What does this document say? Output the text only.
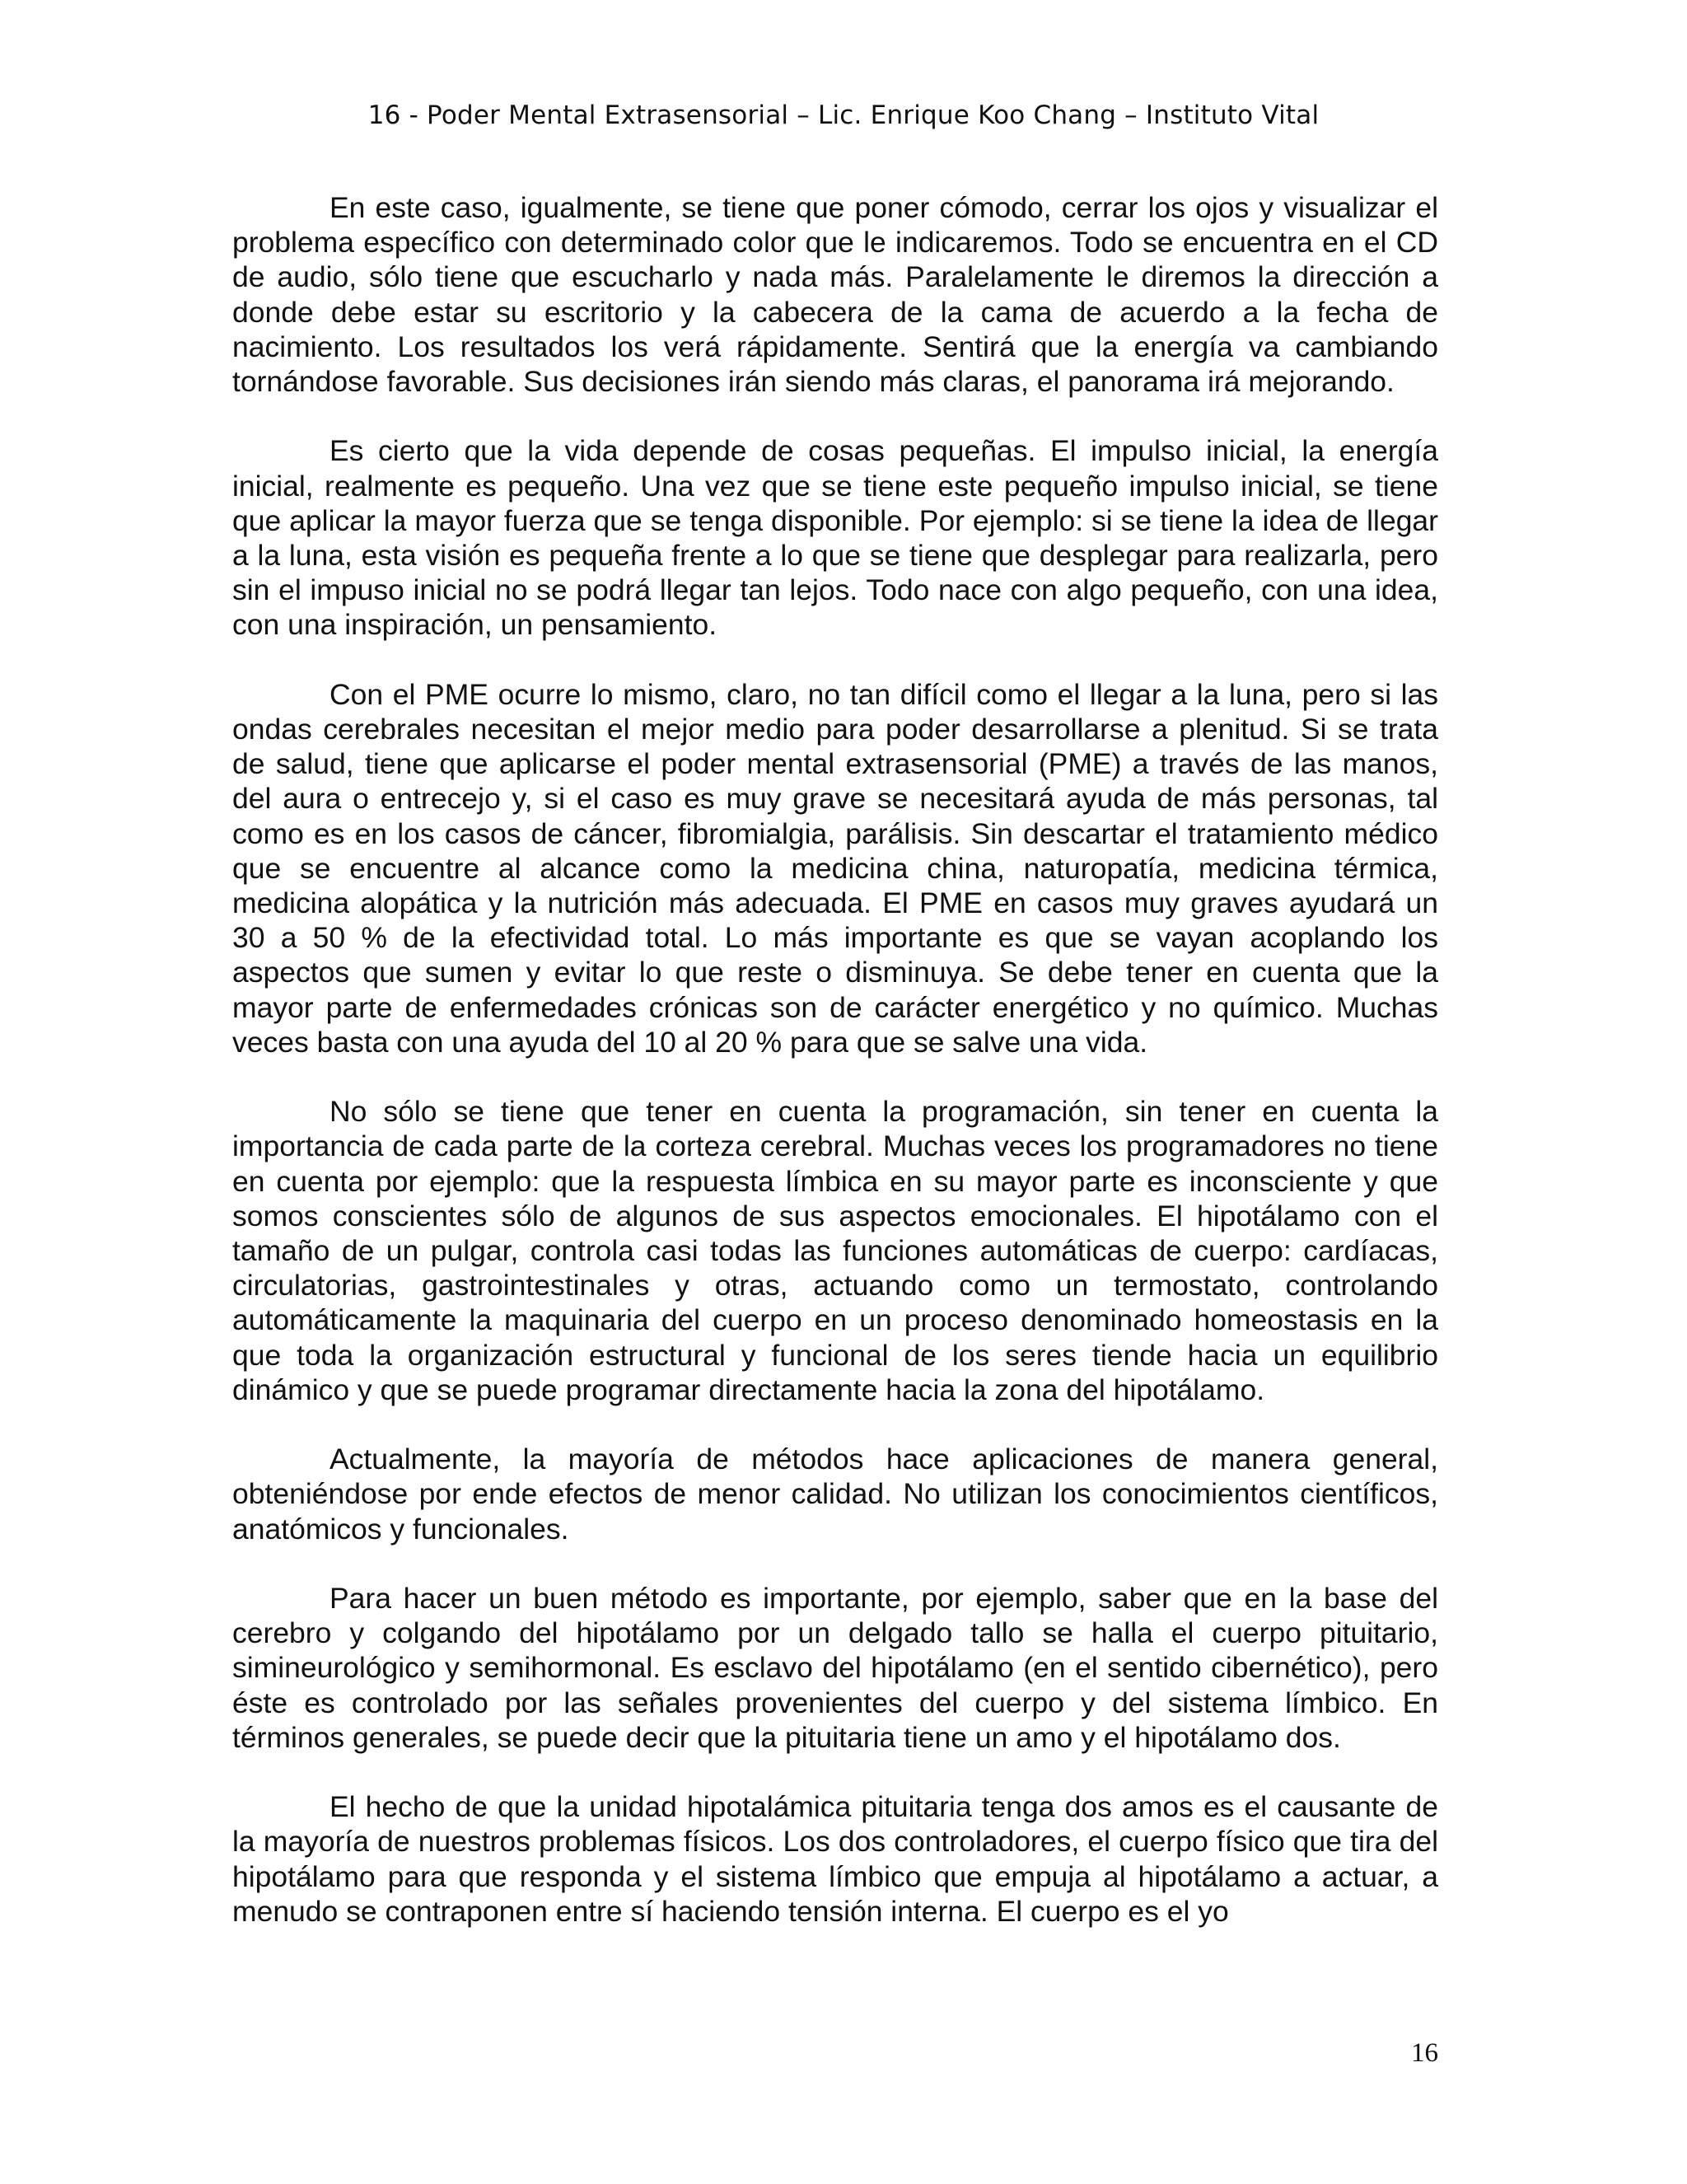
16 - Poder Mental Extrasensorial – Lic. Enrique Koo Chang – Instituto Vital

En este caso, igualmente, se tiene que poner cómodo, cerrar los ojos y visualizar el problema específico con determinado color que le indicaremos. Todo se encuentra en el CD de audio, sólo tiene que escucharlo y nada más. Paralelamente le diremos la dirección a donde debe estar su escritorio y la cabecera de la cama de acuerdo a la fecha de nacimiento. Los resultados los verá rápidamente. Sentirá que la energía va cambiando tornándose favorable. Sus decisiones irán siendo más claras, el panorama irá mejorando.

Es cierto que la vida depende de cosas pequeñas. El impulso inicial, la energía inicial, realmente es pequeño. Una vez que se tiene este pequeño impulso inicial, se tiene que aplicar la mayor fuerza que se tenga disponible. Por ejemplo: si se tiene la idea de llegar a la luna, esta visión es pequeña frente a lo que se tiene que desplegar para realizarla, pero sin el impuso inicial no se podrá llegar tan lejos. Todo nace con algo pequeño, con una idea, con una inspiración, un pensamiento.

Con el PME ocurre lo mismo, claro, no tan difícil como el llegar a la luna, pero si las ondas cerebrales necesitan el mejor medio para poder desarrollarse a plenitud. Si se trata de salud, tiene que aplicarse el poder mental extrasensorial (PME) a través de las manos, del aura o entrecejo y, si el caso es muy grave se necesitará ayuda de más personas, tal como es en los casos de cáncer, fibromialgia, parálisis. Sin descartar el tratamiento médico que se encuentre al alcance como la medicina china, naturopatía, medicina térmica, medicina alopática y la nutrición más adecuada. El PME en casos muy graves ayudará un 30 a 50 % de la efectividad total. Lo más importante es que se vayan acoplando los aspectos que sumen y evitar lo que reste o disminuya. Se debe tener en cuenta que la mayor parte de enfermedades crónicas son de carácter energético y no químico. Muchas veces basta con una ayuda del 10 al 20 % para que se salve una vida.

No sólo se tiene que tener en cuenta la programación, sin tener en cuenta la importancia de cada parte de la corteza cerebral. Muchas veces los programadores no tiene en cuenta por ejemplo: que la respuesta límbica en su mayor parte es inconsciente y que somos conscientes sólo de algunos de sus aspectos emocionales. El hipotálamo con el tamaño de un pulgar, controla casi todas las funciones automáticas de cuerpo: cardíacas, circulatorias, gastrointestinales y otras, actuando como un termostato, controlando automáticamente la maquinaria del cuerpo en un proceso denominado homeostasis en la que toda la organización estructural y funcional de los seres tiende hacia un equilibrio dinámico y que se puede programar directamente hacia la zona del hipotálamo.

Actualmente, la mayoría de métodos hace aplicaciones de manera general, obteniéndose por ende efectos de menor calidad. No utilizan los conocimientos científicos, anatómicos y funcionales.

Para hacer un buen método es importante, por ejemplo, saber que en la base del cerebro y colgando del hipotálamo por un delgado tallo se halla el cuerpo pituitario, simineurológico y semihormonal. Es esclavo del hipotálamo (en el sentido cibernético), pero éste es controlado por las señales provenientes del cuerpo y del sistema límbico. En términos generales, se puede decir que la pituitaria tiene un amo y el hipotálamo dos.

El hecho de que la unidad hipotalámica pituitaria tenga dos amos es el causante de la mayoría de nuestros problemas físicos. Los dos controladores, el cuerpo físico que tira del hipotálamo para que responda y el sistema límbico que empuja al hipotálamo a actuar, a menudo se contraponen entre sí haciendo tensión interna. El cuerpo es el yo

16
